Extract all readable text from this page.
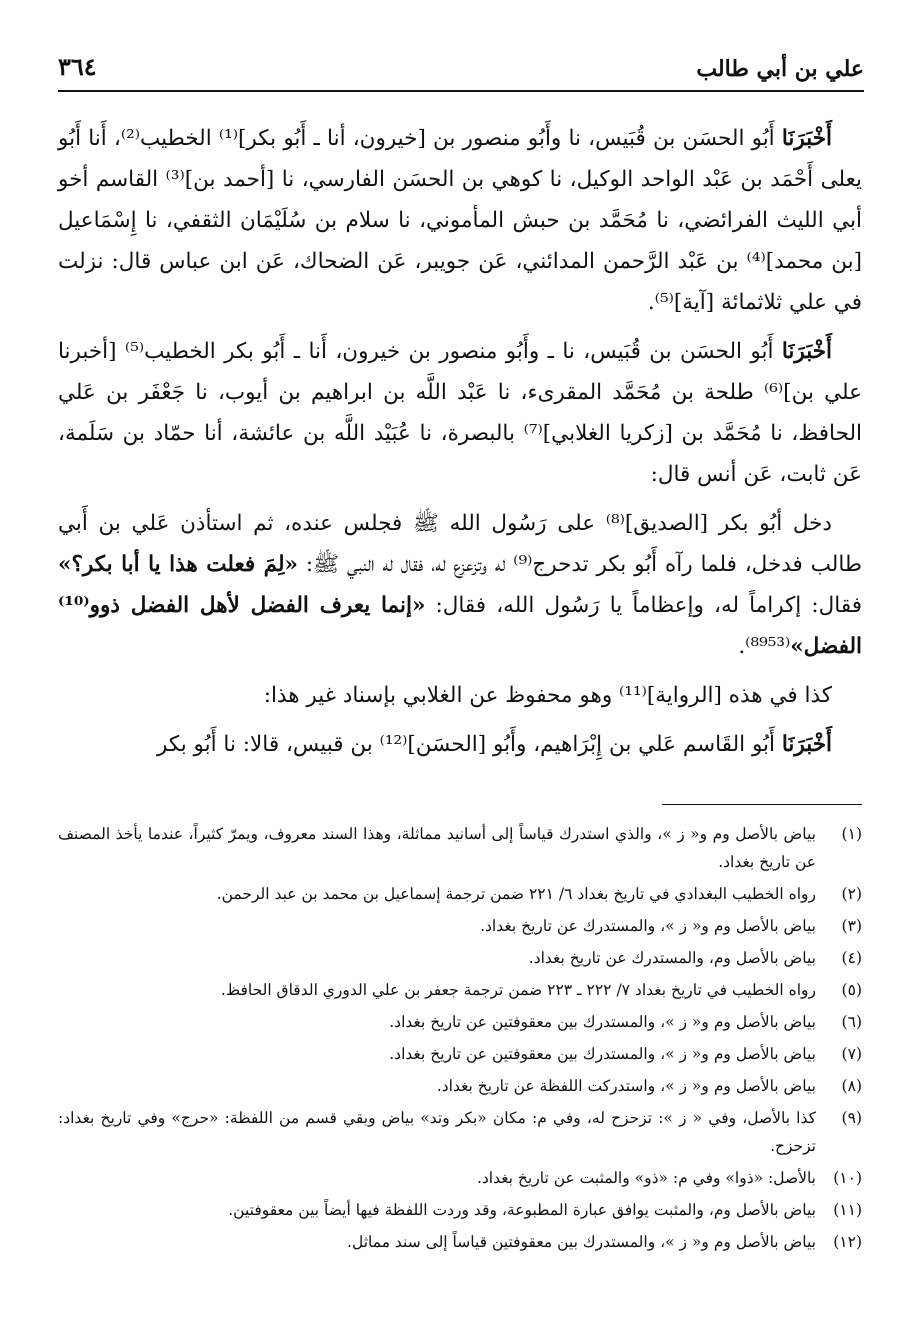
علي بن أبي طالب
٣٦٤

أَخْبَرَنَا أَبُو الحسَن بن قُبَيس، نا وأَبُو منصور بن [خيرون، أنا ـ أَبُو بكر]⁽¹⁾ الخطيب⁽²⁾، أَنا أَبُو يعلى أَحْمَد بن عَبْد الواحد الوكيل، نا كوهي بن الحسَن الفارسي، نا [أحمد بن]⁽³⁾ القاسم أخو أبي الليث الفرائضي، نا مُحَمَّد بن حبش المأموني، نا سلام بن سُلَيْمَان الثقفي، نا إِسْمَاعيل [بن محمد]⁽⁴⁾ بن عَبْد الرَّحمن المدائني، عَن جويبر، عَن الضحاك، عَن ابن عباس قال: نزلت في علي ثلاثمائة [آية]⁽⁵⁾.

أَخْبَرَنَا أَبُو الحسَن بن قُبَيس، نا ـ وأَبُو منصور بن خيرون، أَنا ـ أَبُو بكر الخطيب⁽⁵⁾ [أخبرنا علي بن]⁽⁶⁾ طلحة بن مُحَمَّد المقرىء، نا عَبْد اللَّه بن ابراهيم بن أيوب، نا جَعْفَر بن عَلي الحافظ، نا مُحَمَّد بن [زكريا الغلابي]⁽⁷⁾ بالبصرة، نا عُبَيْد اللَّه بن عائشة، أنا حمّاد بن سَلَمة، عَن ثابت، عَن أنس قال:

دخل أبُو بكر [الصديق]⁽⁸⁾ على رَسُول الله ﷺ فجلس عنده، ثم استأذن عَلي بن أَبي طالب فدخل، فلما رآه أَبُو بكر تدحرج⁽⁹⁾ له وتزعزع له، فقال له النبي ﷺ: «لِمَ فعلت هذا يا أبا بكر؟» فقال: إكراماً له، وإعظاماً يا رَسُول الله، فقال: «إنما يعرف الفضل لأهل الفضل ذوو⁽¹⁰⁾ الفضل»⁽⁸⁹⁵³⁾.

كذا في هذه [الرواية]⁽¹¹⁾ وهو محفوظ عن الغلابي بإسناد غير هذا:

أَخْبَرَنَا أَبُو القَاسم عَلي بن إِبْرَاهيم، وأَبُو [الحسَن]⁽¹²⁾ بن قبيس، قالا: نا أَبُو بكر

(١)
بياض بالأصل وم و« ز »، والذي استدرك قياساً إلى أسانيد مماثلة، وهذا السند معروف، ويمرّ كثيراً، عندما يأخذ المصنف عن تاريخ بغداد.
(٢)
رواه الخطيب البغدادي في تاريخ بغداد ٦/ ٢٢١ ضمن ترجمة إسماعيل بن محمد بن عبد الرحمن.
(٣)
بياض بالأصل وم و« ز »، والمستدرك عن تاريخ بغداد.
(٤)
بياض بالأصل وم، والمستدرك عن تاريخ بغداد.
(٥)
رواه الخطيب في تاريخ بغداد ٧/ ٢٢٢ ـ ٢٢٣ ضمن ترجمة جعفر بن علي الدوري الدقاق الحافظ.
(٦)
بياض بالأصل وم و« ز »، والمستدرك بين معقوفتين عن تاريخ بغداد.
(٧)
بياض بالأصل وم و« ز »، والمستدرك بين معقوفتين عن تاريخ بغداد.
(٨)
بياض بالأصل وم و« ز »، واستدركت اللفظة عن تاريخ بغداد.
(٩)
كذا بالأصل، وفي « ز »: تزحزح له، وفي م: مكان «بكر وتد» بياض وبقي قسم من اللفظة: «حرج» وفي تاريخ بغداد: تزحزح.
(١٠)
بالأصل: «ذوا» وفي م: «ذو» والمثبت عن تاريخ بغداد.
(١١)
بياض بالأصل وم، والمثبت يوافق عبارة المطبوعة، وقد وردت اللفظة فيها أيضاً بين معقوفتين.
(١٢)
بياض بالأصل وم و« ز »، والمستدرك بين معقوفتين قياساً إلى سند مماثل.
